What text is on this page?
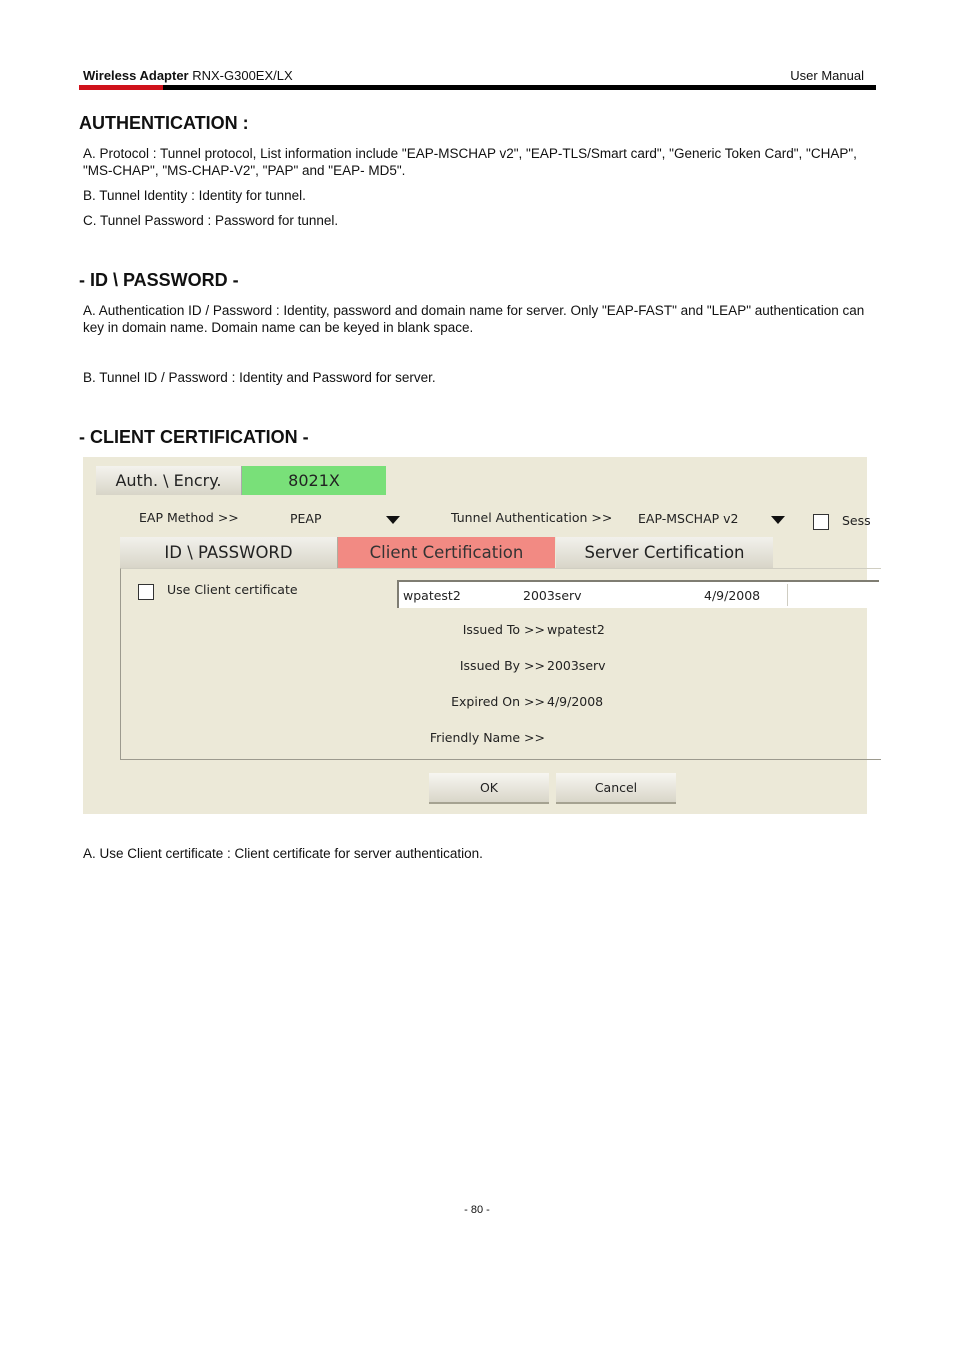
Wireless Adapter RNX-G300EX/LX	User Manual
AUTHENTICATION :
A. Protocol : Tunnel protocol, List information include "EAP-MSCHAP v2", "EAP-TLS/Smart card", "Generic Token Card", "CHAP", "MS-CHAP", "MS-CHAP-V2", "PAP" and "EAP- MD5".
B. Tunnel Identity : Identity for tunnel.
C. Tunnel Password : Password for tunnel.
- ID \ PASSWORD -
A. Authentication ID / Password : Identity, password and domain name for server. Only "EAP-FAST" and "LEAP" authentication can key in domain name. Domain name can be keyed in blank space.
B. Tunnel ID / Password : Identity and Password for server.
- CLIENT CERTIFICATION -
Auth. \ Encry.	8021X
EAP Method >>	PEAP	Tunnel Authentication >> EAP-MSCHAP v2	Sess
ID \ PASSWORD	Client Certification	Server Certification
Use Client certificate	wpatest2	2003serv	4/9/2008
Issued To >> wpatest2
Issued By >> 2003serv
Expired On >> 4/9/2008
Friendly Name >>
OK	Cancel
A. Use Client certificate : Client certificate for server authentication.
- 80 -
